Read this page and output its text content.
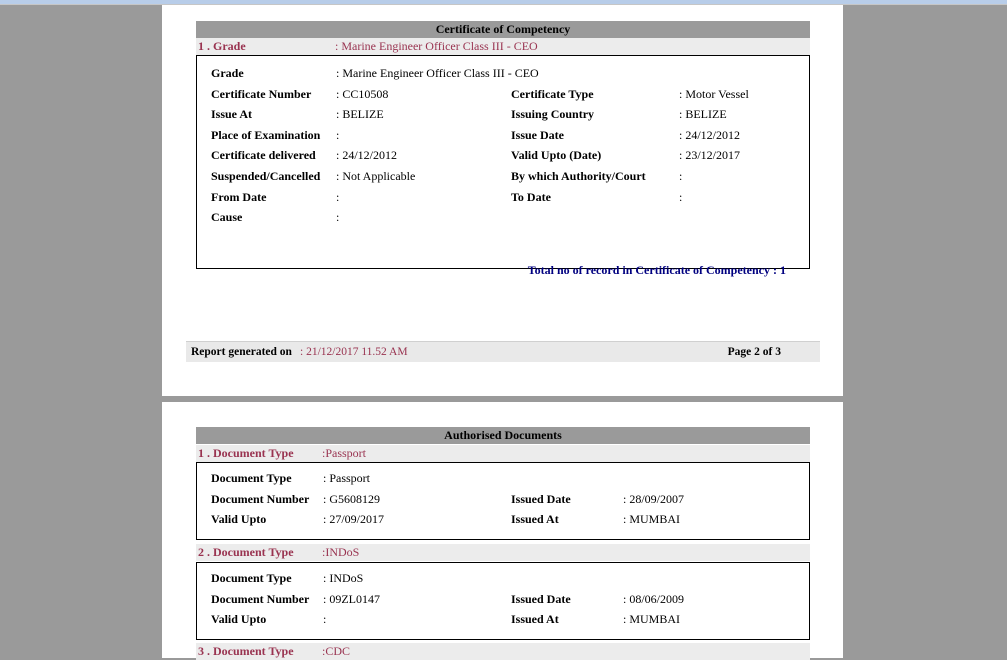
Certificate of Competency
1 . Grade	: Marine Engineer Officer Class III - CEO
Grade	: Marine Engineer Officer Class III - CEO
Certificate Number : CC10508	Certificate Type	: Motor Vessel
Issue At	: BELIZE	Issuing Country	: BELIZE
Place of Examination :	Issue Date	: 24/12/2012
Certificate delivered : 24/12/2012	Valid Upto (Date)	: 23/12/2017
Suspended/Cancelled : Not Applicable	By which Authority/Court	:
From Date	:	To Date	:
Cause	:
Total no of record in Certificate of Competency : 1
Report generated on : 21/12/2017 11.52 AM	Page 2 of 3
Authorised Documents
1 . Document Type :Passport
Document Type	: Passport
Document Number : G5608129	Issued Date	: 28/09/2007
Valid Upto	: 27/09/2017	Issued At	: MUMBAI
2 . Document Type :INDoS
Document Type	: INDoS
Document Number : 09ZL0147	Issued Date	: 08/06/2009
Valid Upto	:	Issued At	: MUMBAI
3 . Document Type :CDC
